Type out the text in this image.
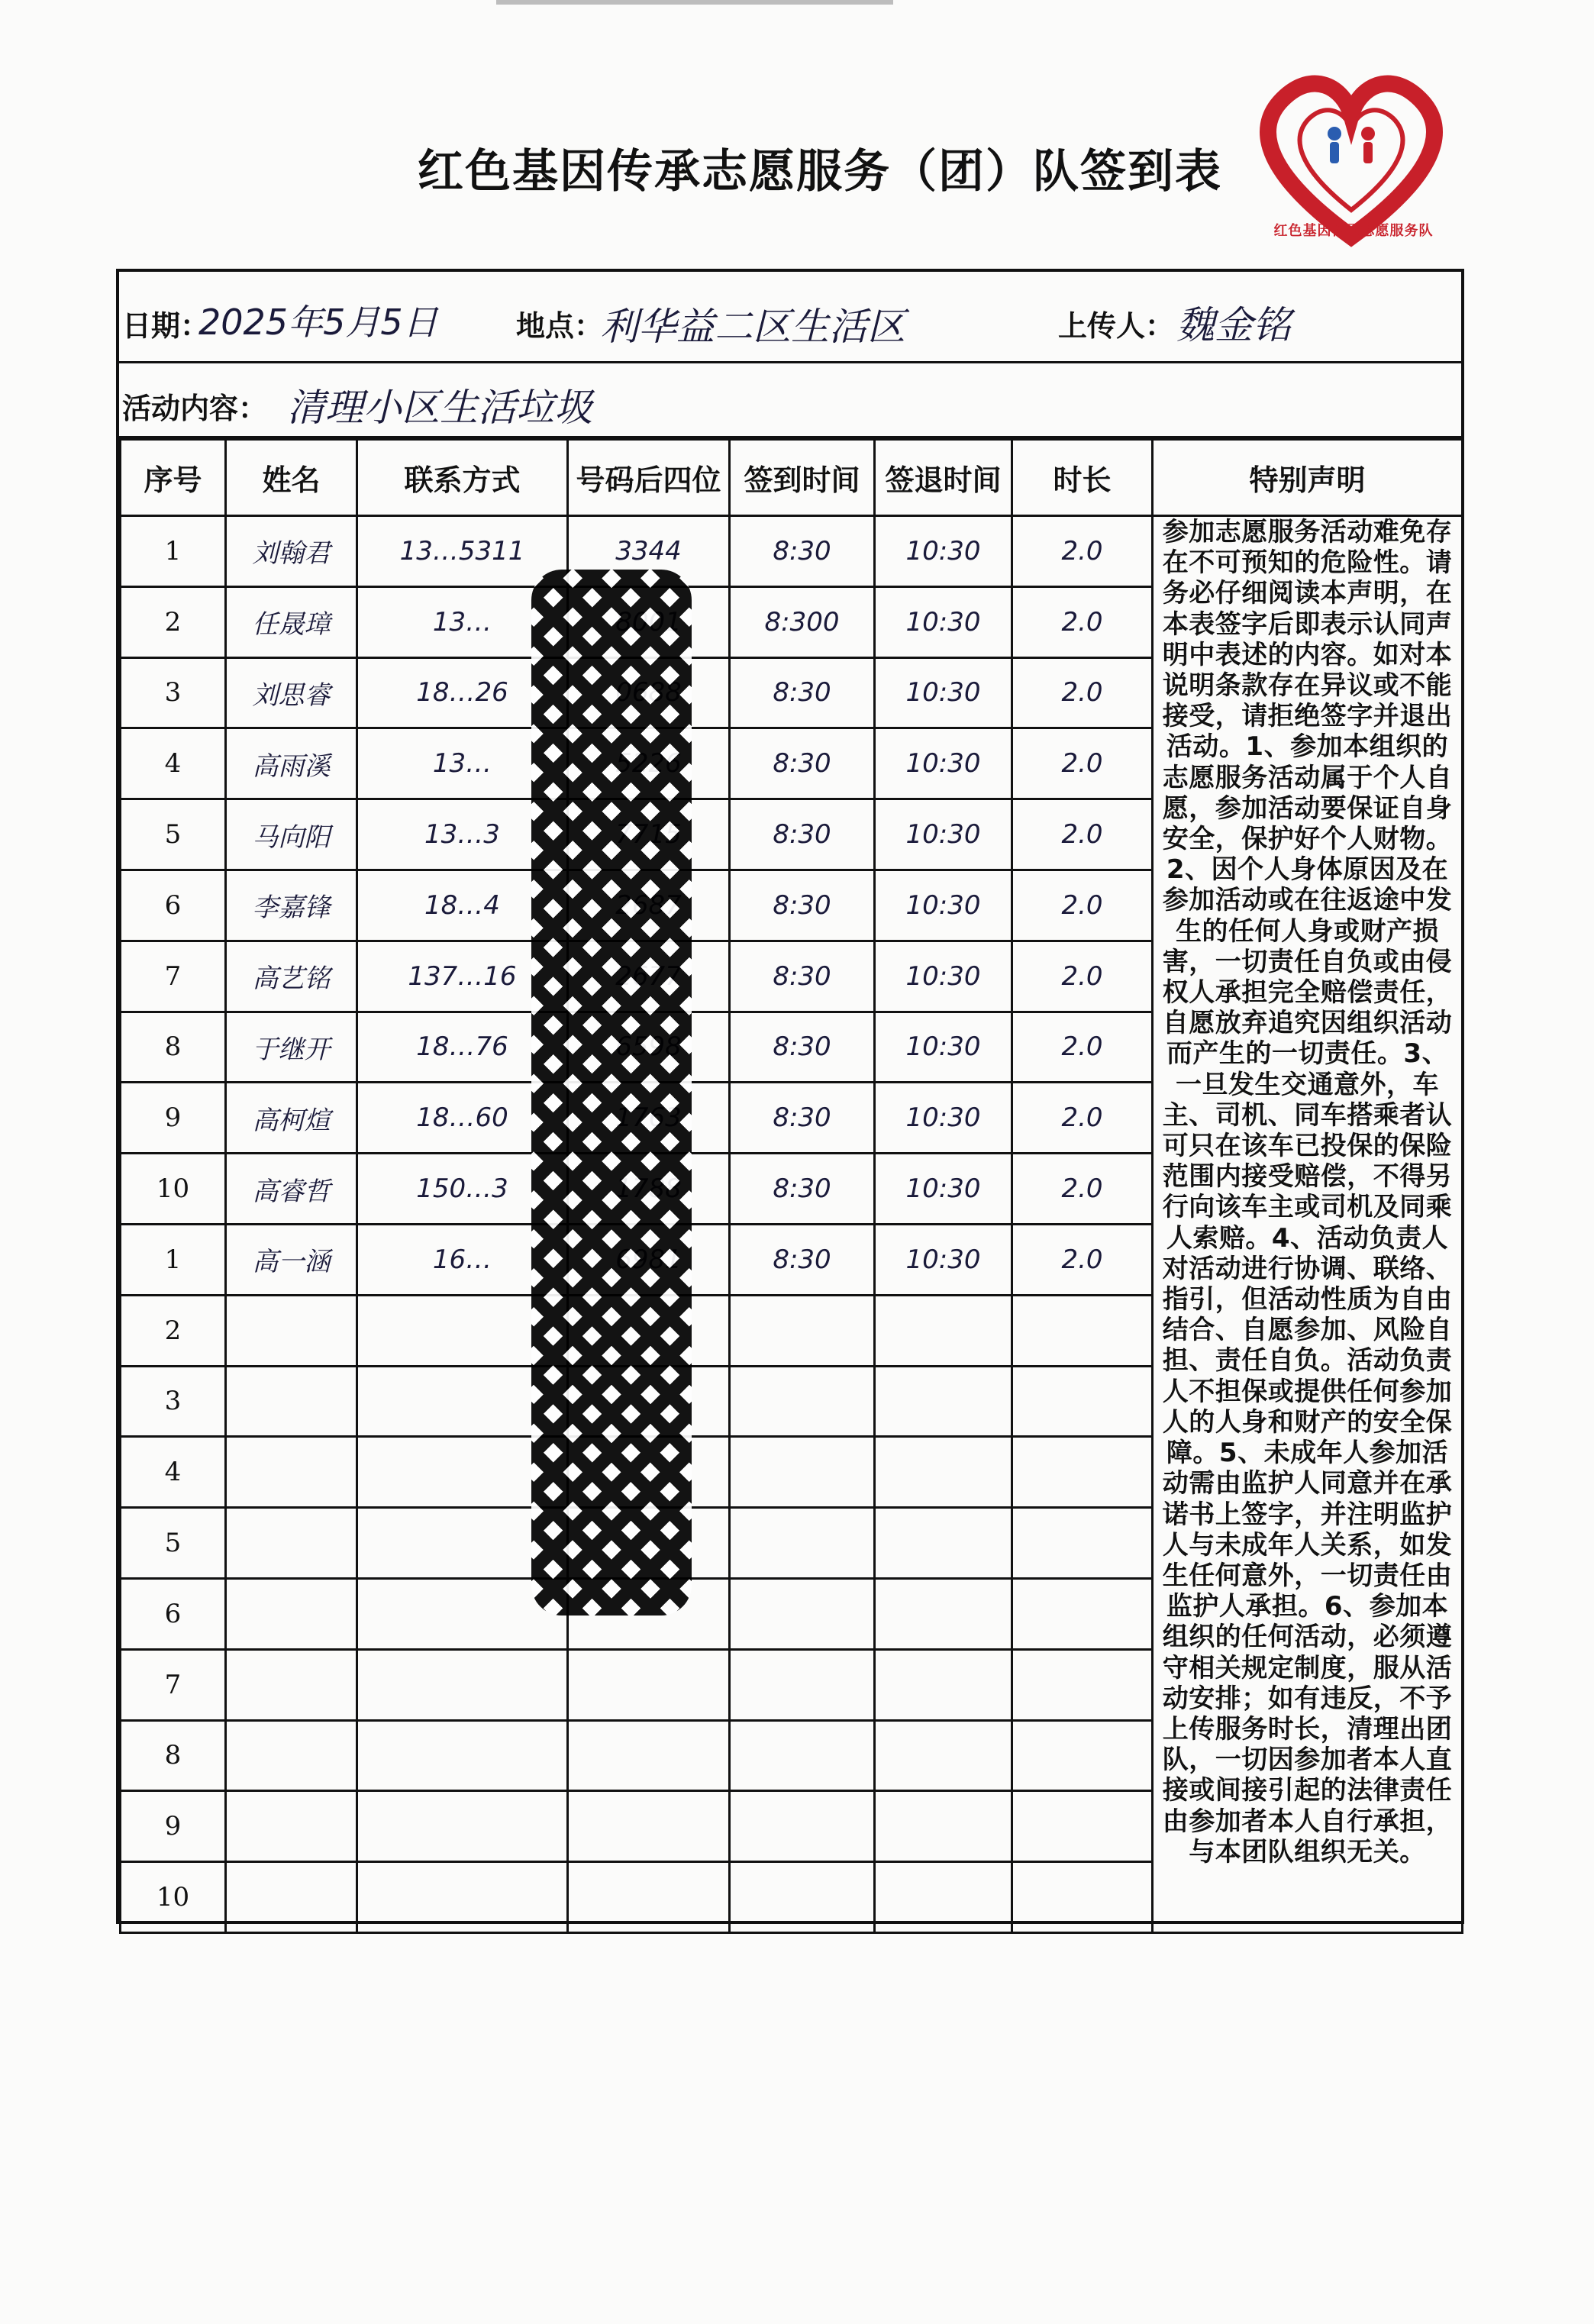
红色基因传承志愿服务（团）队签到表
红色基因传承志愿服务队
日期：
2025年5月5日	地点：
利华益二区生活区	上传人： 魏金铭
活动内容： 清理小区生活垃圾
序号	姓名	联系方式	号码后四位	签到时间	签退时间	时长	特别声明
1	刘翰君	13…5311	3344	8:30	10:30	2.0	参加志愿服务活动难免存在不可预知的危险性。请务必仔细阅读本声明，在本表签字后即表示认同声明中表述的内容。如对本说明条款存在异议或不能接受，请拒绝签字并退出活动。1、参加本组织的志愿服务活动属于个人自愿，参加活动要保证自身安全，保护好个人财物。2、因个人身体原因及在参加活动或在往返途中发生的任何人身或财产损害，一切责任自负或由侵权人承担完全赔偿责任，自愿放弃追究因组织活动而产生的一切责任。3、一旦发生交通意外，车主、司机、同车搭乘者认可只在该车已投保的保险范围内接受赔偿，不得另行向该车主或司机及同乘人索赔。4、活动负责人对活动进行协调、联络、指引，但活动性质为自由结合、自愿参加、风险自担、责任自负。活动负责人不担保或提供任何参加人的人身和财产的安全保障。5、未成年人参加活动需由监护人同意并在承诺书上签字，并注明监护人与未成年人关系，如发生任何意外，一切责任由监护人承担。6、参加本组织的任何活动，必须遵守相关规定制度，服从活动安排；如有违反，不予上传服务时长，清理出团队，一切因参加者本人直接或间接引起的法律责任由参加者本人自行承担，与本团队组织无关。
2	任晟璋	13…		8:300	10:30	2.0	
3	刘思睿	18…26		8:30	10:30	2.0	
4	高雨溪	13…		8:30	10:30	2.0	
5	马向阳	13…3		8:30	10:30	2.0	
6	李嘉锋	18…4		8:30	10:30	2.0	
7	高艺铭	137…16		8:30	10:30	2.0	
8	于继开	18…76		8:30	10:30	2.0	
9	高柯煊	18…60		8:30	10:30	2.0	
10	高睿哲	150…3		8:30	10:30	2.0	
1	高一涵	16…		8:30	10:30	2.0	
2							
3							
4							
5							
6							
7							
8							
9							
10							
